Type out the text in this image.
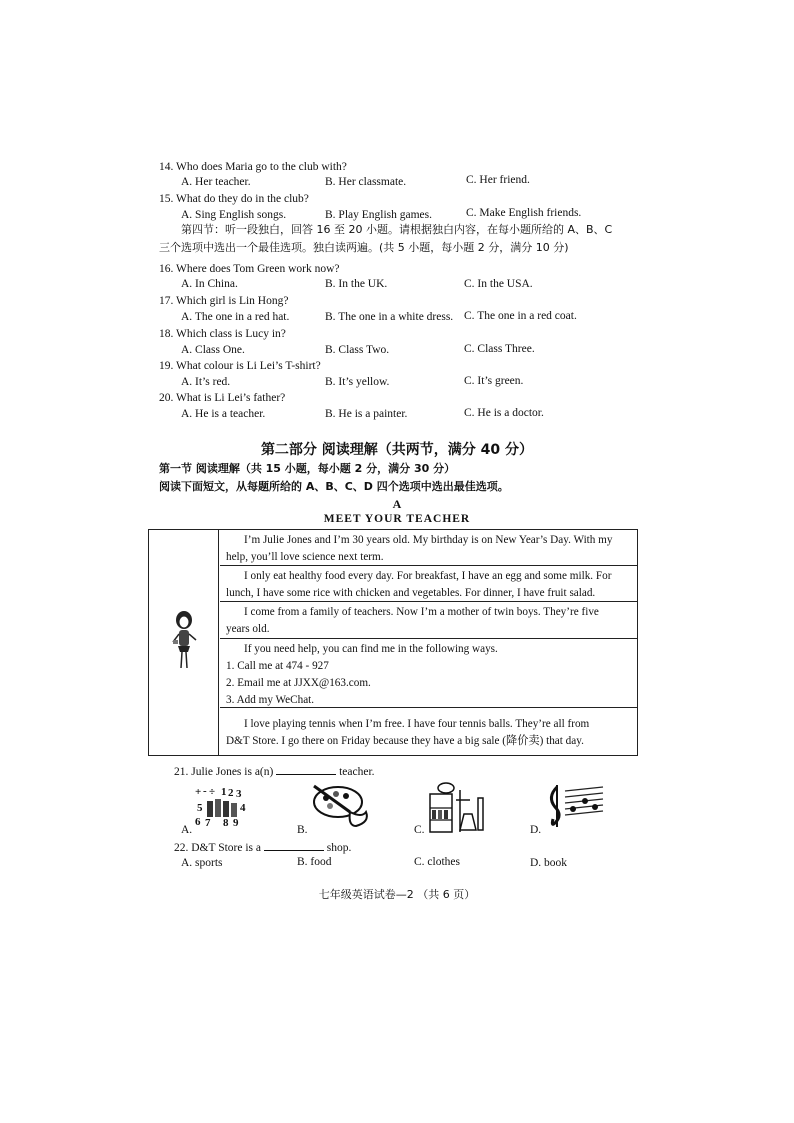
14. Who does Maria go to the club with?
A. Her teacher.	B. Her classmate.	C. Her friend.
15. What do they do in the club?
A. Sing English songs.	B. Play English games.	C. Make English friends.
第四节：听一段独白，回答 16 至 20 小题。请根据独白内容，在每小题所给的 A、B、C
三个选项中选出一个最佳选项。独白读两遍。(共 5 小题，每小题 2 分，满分 10 分)
16. Where does Tom Green work now?
A. In China.	B. In the UK.	C. In the USA.
17. Which girl is Lin Hong?
A. The one in a red hat.	B. The one in a white dress. C. The one in a red coat.
18. Which class is Lucy in?
A. Class One.	B. Class Two.	C. Class Three.
19. What colour is Li Lei’s T-shirt?
A. It’s red.	B. It’s yellow.	C. It’s green.
20. What is Li Lei’s father?
A. He is a teacher.	B. He is a painter.	C. He is a doctor.
第二部分 阅读理解（共两节，满分 40 分）
第一节 阅读理解（共 15 小题，每小题 2 分，满分 30 分）
阅读下面短文，从每题所给的 A、B、C、D 四个选项中选出最佳选项。
A
MEET YOUR TEACHER

I’m Julie Jones and I’m 30 years old. My birthday is on New Year’s Day. With my

help, you’ll love science next term.

I only eat healthy food every day. For breakfast, I have an egg and some milk. For

lunch, I have some rice with chicken and vegetables. For dinner, I have fruit salad.

I come from a family of teachers. Now I’m a mother of twin boys. They’re five

years old.

If you need help, you can find me in the following ways.

1. Call me at 474 - 927

2. Email me at JJXX@163.com.

3. Add my WeChat.

I love playing tennis when I’m free. I have four tennis balls. They’re all from

D&T Store. I go there on Friday because they have a big sale (降价卖) that day.

21. Julie Jones is a(n)	teacher.
+ - ÷ 1 2 3
5	4
6 7 8 9
A.	B.	C.	D.
22. D&T Store is a	shop.
A. sports	B. food	C. clothes	D. book
七年级英语试卷—2 （共 6 页）
